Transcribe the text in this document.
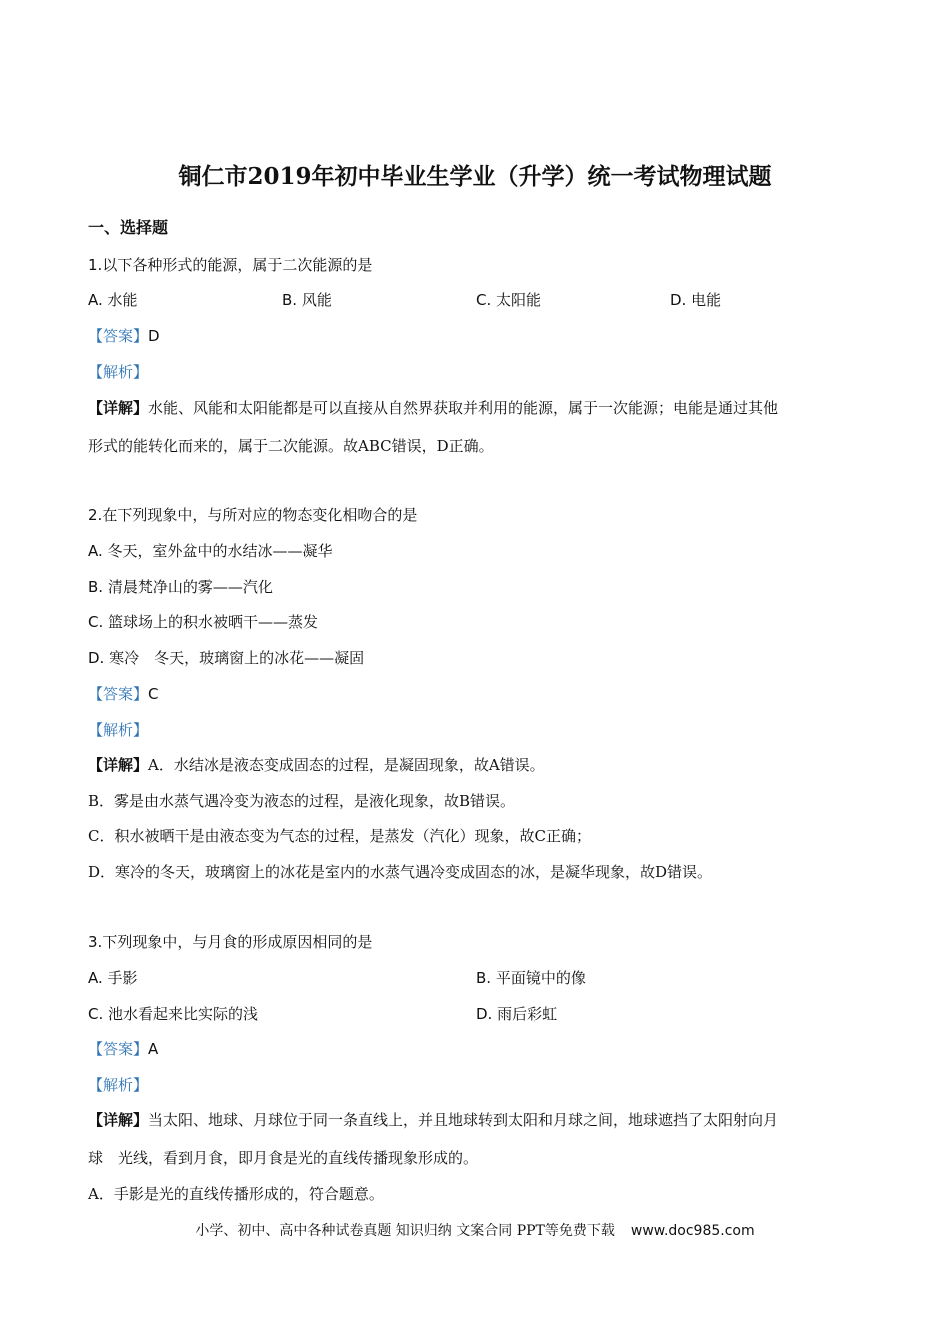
铜仁市2019年初中毕业生学业（升学）统一考试物理试题
一、选择题
1.以下各种形式的能源，属于二次能源的是
A. 水能	B. 风能	C. 太阳能	D. 电能
【答案】D
【解析】
【详解】水能、风能和太阳能都是可以直接从自然界获取并利用的能源，属于一次能源；电能是通过其他
形式的能转化而来的，属于二次能源。故ABC错误，D正确。
2.在下列现象中，与所对应的物态变化相吻合的是
A. 冬天，室外盆中的水结冰——凝华
B. 清晨梵净山的雾——汽化
C. 篮球场上的积水被晒干——蒸发
D. 寒冷　冬天，玻璃窗上的冰花——凝固
【答案】C
【解析】
【详解】A．水结冰是液态变成固态的过程，是凝固现象，故A错误。
B．雾是由水蒸气遇冷变为液态的过程，是液化现象，故B错误。
C．积水被晒干是由液态变为气态的过程，是蒸发（汽化）现象，故C正确；
D．寒冷的冬天，玻璃窗上的冰花是室内的水蒸气遇冷变成固态的冰，是凝华现象，故D错误。
3.下列现象中，与月食的形成原因相同的是
A. 手影	B. 平面镜中的像
C. 池水看起来比实际的浅	D. 雨后彩虹
【答案】A
【解析】
【详解】当太阳、地球、月球位于同一条直线上，并且地球转到太阳和月球之间，地球遮挡了太阳射向月
球　光线，看到月食，即月食是光的直线传播现象形成的。
A．手影是光的直线传播形成的，符合题意。
小学、初中、高中各种试卷真题 知识归纳 文案合同 PPT等免费下载 www.doc985.com
